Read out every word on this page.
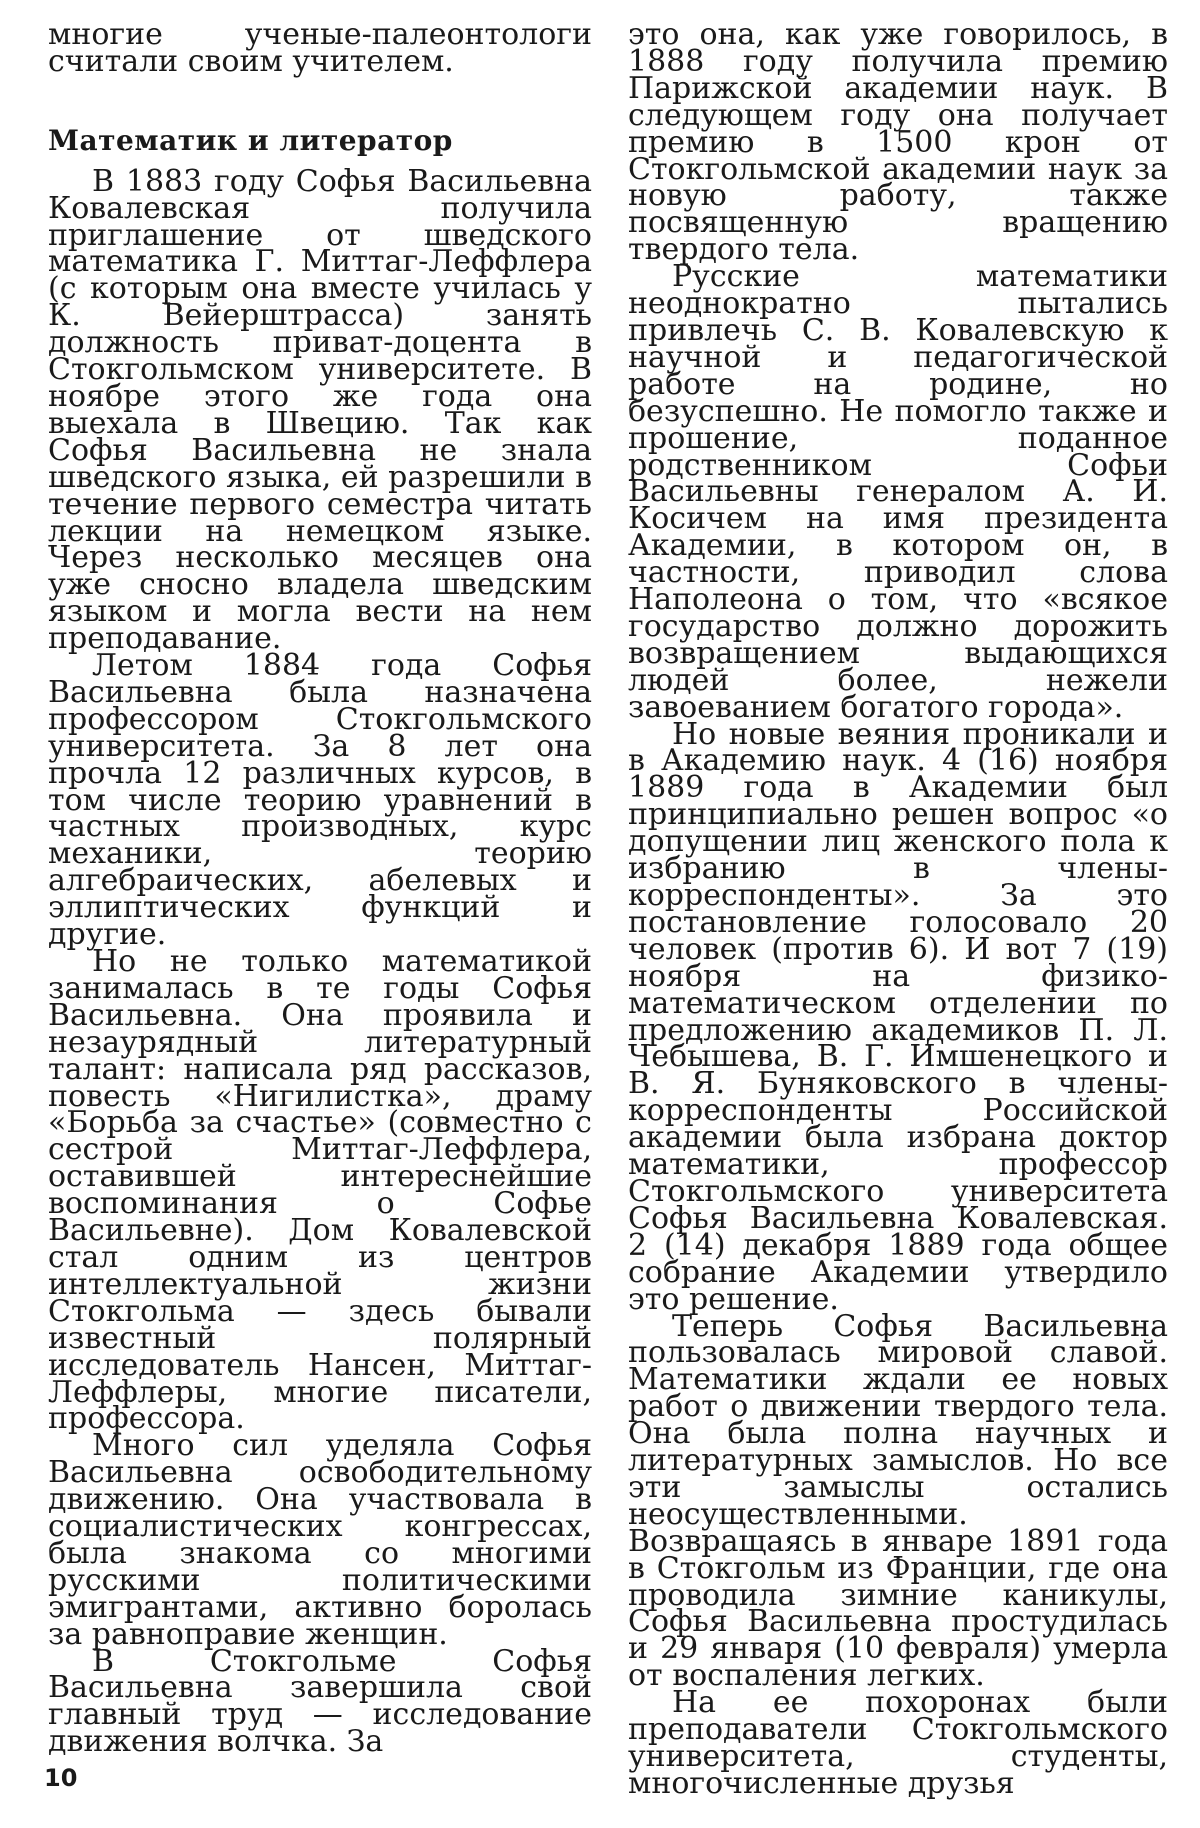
многие ученые-палеонтологи считали своим учителем.

Математик и литератор

В 1883 году Софья Васильевна Ковалевская получила приглашение от шведского математика Г. Миттаг-Леффлера (с которым она вместе училась у К. Вейерштрасса) занять должность приват-доцента в Стокгольмском университете. В ноябре этого же года она выехала в Швецию. Так как Софья Васильевна не знала шведского языка, ей разрешили в течение первого семестра читать лекции на немецком языке. Через несколько месяцев она уже сносно владела шведским языком и могла вести на нем преподавание.

Летом 1884 года Софья Васильевна была назначена профессором Стокгольмского университета. За 8 лет она прочла 12 различных курсов, в том числе теорию уравнений в частных производных, курс механики, теорию алгебраических, абелевых и эллиптических функций и другие.

Но не только математикой занималась в те годы Софья Васильевна. Она проявила и незаурядный литературный талант: написала ряд рассказов, повесть «Нигилистка», драму «Борьба за счастье» (совместно с сестрой Миттаг-Леффлера, оставившей интереснейшие воспоминания о Софье Васильевне). Дом Ковалевской стал одним из центров интеллектуальной жизни Стокгольма — здесь бывали известный полярный исследователь Нансен, Миттаг-Леффлеры, многие писатели, профессора.

Много сил уделяла Софья Васильевна освободительному движению. Она участвовала в социалистических конгрессах, была знакома со многими русскими политическими эмигрантами, активно боролась за равноправие женщин.

В Стокгольме Софья Васильевна завершила свой главный труд — исследование движения волчка. За

это она, как уже говорилось, в 1888 году получила премию Парижской академии наук. В следующем году она получает премию в 1500 крон от Стокгольмской академии наук за новую работу, также посвященную вращению твердого тела.

Русские математики неоднократно пытались привлечь С. В. Ковалевскую к научной и педагогической работе на родине, но безуспешно. Не помогло также и прошение, поданное родственником Софьи Васильевны генералом А. И. Косичем на имя президента Академии, в котором он, в частности, приводил слова Наполеона о том, что «всякое государство должно дорожить возвращением выдающихся людей более, нежели завоеванием богатого города».

Но новые веяния проникали и в Академию наук. 4 (16) ноября 1889 года в Академии был принципиально решен вопрос «о допущении лиц женского пола к избранию в члены-корреспонденты». За это постановление голосовало 20 человек (против 6). И вот 7 (19) ноября на физико-математическом отделении по предложению академиков П. Л. Чебышева, В. Г. Имшенецкого и В. Я. Буняковского в члены-корреспонденты Российской академии была избрана доктор математики, профессор Стокгольмского университета Софья Васильевна Ковалевская. 2 (14) декабря 1889 года общее собрание Академии утвердило это решение.

Теперь Софья Васильевна пользовалась мировой славой. Математики ждали ее новых работ о движении твердого тела. Она была полна научных и литературных замыслов. Но все эти замыслы остались неосуществленными. Возвращаясь в январе 1891 года в Стокгольм из Франции, где она проводила зимние каникулы, Софья Васильевна простудилась и 29 января (10 февраля) умерла от воспаления легких.

На ее похоронах были преподаватели Стокгольмского университета, студенты, многочисленные друзья

10
